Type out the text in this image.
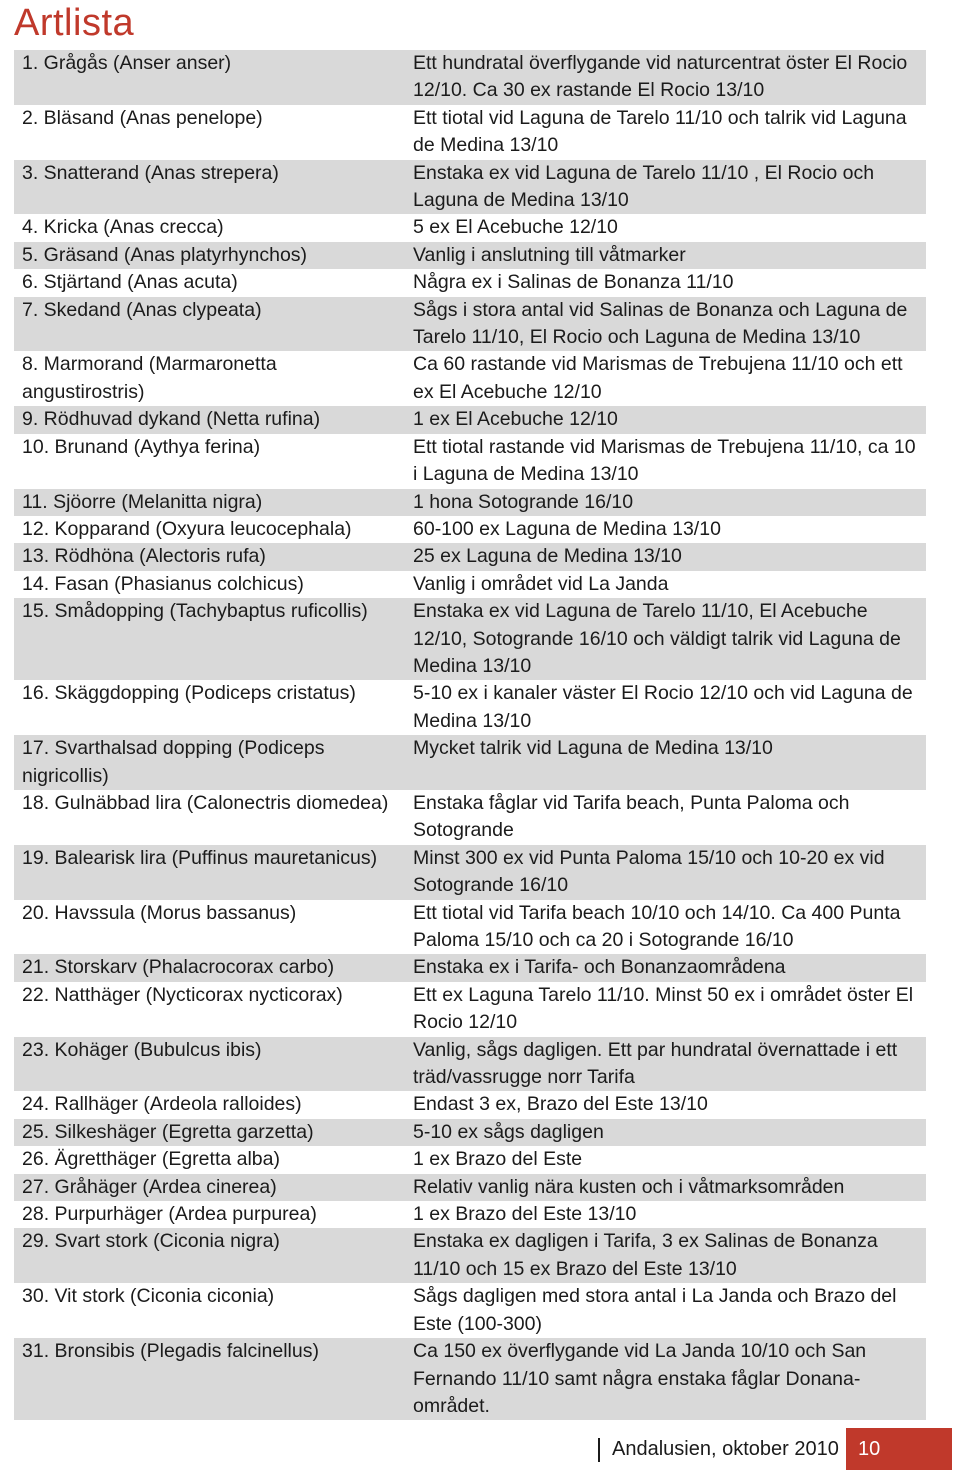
Artlista
1. Grågås (Anser anser)	Ett hundratal överflygande vid naturcentrat öster El Rocio 12/10. Ca 30 ex rastande El Rocio 13/10
2. Bläsand (Anas penelope)	Ett tiotal vid Laguna de Tarelo 11/10 och talrik vid Laguna de Medina 13/10
3. Snatterand (Anas strepera)	Enstaka ex vid Laguna de Tarelo 11/10 , El Rocio och Laguna de Medina 13/10
4. Kricka (Anas crecca)	5 ex El Acebuche 12/10
5. Gräsand (Anas platyrhynchos)	Vanlig i anslutning till våtmarker
6. Stjärtand (Anas acuta)	Några ex i Salinas de Bonanza 11/10
7. Skedand (Anas clypeata)	Sågs i stora antal vid Salinas de Bonanza och Laguna de Tarelo 11/10, El Rocio och Laguna de Medina 13/10
8. Marmorand (Marmaronetta angustirostris)	Ca 60 rastande vid Marismas de Trebujena 11/10 och ett ex El Acebuche 12/10
9. Rödhuvad dykand (Netta rufina)	1 ex El Acebuche 12/10
10. Brunand (Aythya ferina)	Ett tiotal rastande vid Marismas de Trebujena 11/10, ca 10 i Laguna de Medina 13/10
11. Sjöorre (Melanitta nigra)	1 hona Sotogrande 16/10
12. Kopparand (Oxyura leucocephala)	60-100 ex Laguna de Medina 13/10
13. Rödhöna (Alectoris rufa)	25 ex Laguna de Medina 13/10
14. Fasan (Phasianus colchicus)	Vanlig i området vid La Janda
15. Smådopping (Tachybaptus ruficollis)	Enstaka ex vid Laguna de Tarelo 11/10, El Acebuche 12/10, Sotogrande 16/10 och väldigt talrik vid Laguna de Medina 13/10
16. Skäggdopping (Podiceps cristatus)	5-10 ex i kanaler väster El Rocio 12/10 och vid Laguna de Medina 13/10
17. Svarthalsad dopping (Podiceps nigricollis)	Mycket talrik vid Laguna de Medina 13/10
18. Gulnäbbad lira (Calonectris diomedea)	Enstaka fåglar vid Tarifa beach, Punta Paloma och Sotogrande
19. Balearisk lira (Puffinus mauretanicus)	Minst 300 ex vid Punta Paloma 15/10 och 10-20 ex vid Sotogrande 16/10
20. Havssula (Morus bassanus)	Ett tiotal vid Tarifa beach 10/10 och 14/10. Ca 400 Punta Paloma 15/10 och ca 20 i Sotogrande 16/10
21. Storskarv (Phalacrocorax carbo)	Enstaka ex i Tarifa- och Bonanzaområdena
22. Natthäger (Nycticorax nycticorax)	Ett ex Laguna Tarelo 11/10. Minst 50 ex i området öster El Rocio 12/10
23. Kohäger (Bubulcus ibis)	Vanlig, sågs dagligen. Ett par hundratal övernattade i ett träd/vassrugge norr Tarifa
24. Rallhäger (Ardeola ralloides)	Endast 3 ex, Brazo del Este 13/10
25. Silkeshäger (Egretta garzetta)	5-10 ex sågs dagligen
26. Ägretthäger (Egretta alba)	1 ex Brazo del Este
27. Gråhäger (Ardea cinerea)	Relativ vanlig nära kusten och i våtmarksområden
28. Purpurhäger (Ardea purpurea)	1 ex Brazo del Este 13/10
29. Svart stork (Ciconia nigra)	Enstaka ex dagligen i Tarifa, 3 ex Salinas de Bonanza 11/10 och 15 ex Brazo del Este 13/10
30. Vit stork (Ciconia ciconia)	Sågs dagligen med stora antal i La Janda och Brazo del Este (100-300)
31. Bronsibis (Plegadis falcinellus)	Ca 150 ex överflygande vid La Janda 10/10 och San Fernando 11/10 samt några enstaka fåglar Donana-området.
Andalusien, oktober 2010 10
